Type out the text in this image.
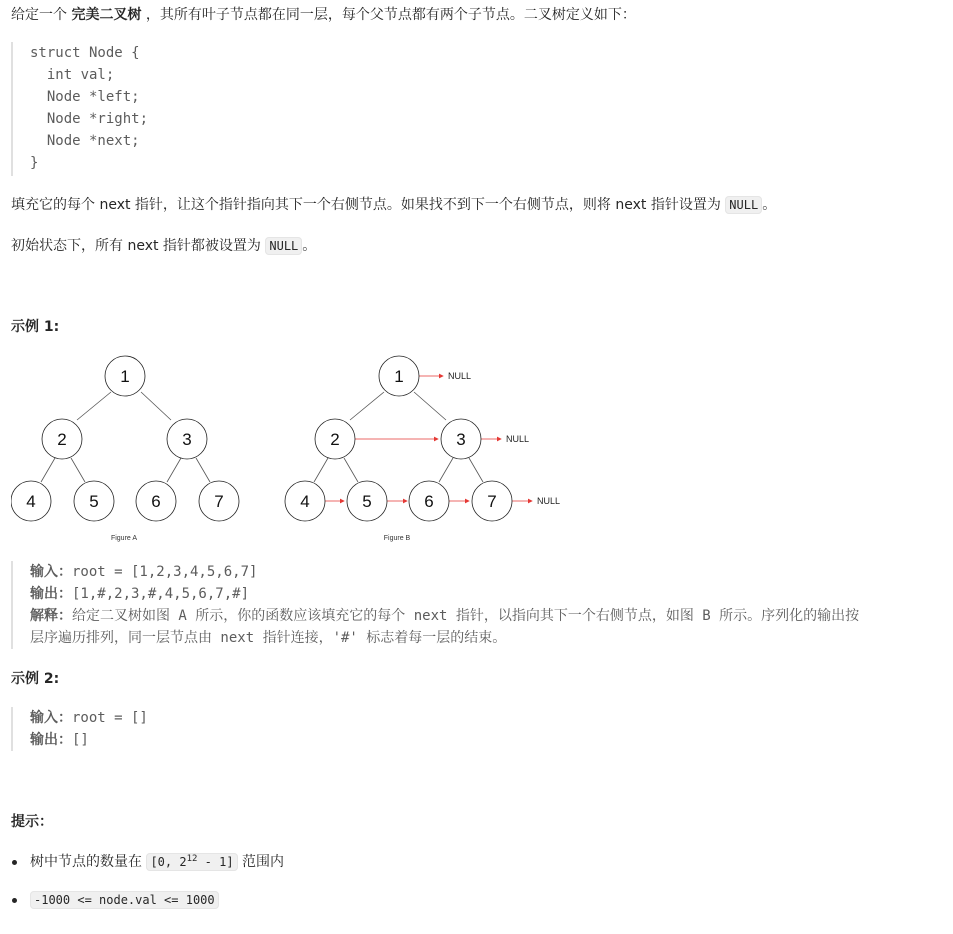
给定一个 完美二叉树 ，其所有叶子节点都在同一层，每个父节点都有两个子节点。二叉树定义如下：

struct Node {
int val;
Node *left;
Node *right;
Node *next;
}

填充它的每个 next 指针，让这个指针指向其下一个右侧节点。如果找不到下一个右侧节点，则将 next 指针设置为 NULL 。

初始状态下，所有 next 指针都被设置为 NULL 。

示例 1:

1
2	3
4	5	6	7
Figure A
1
2	3
4	5	6	7
NULL
NULL
NULL
Figure B
输入：root = [1,2,3,4,5,6,7]
输出：[1,#,2,3,#,4,5,6,7,#]
解释：给定二叉树如图 A 所示，你的函数应该填充它的每个 next 指针，以指向其下一个右侧节点，如图 B 所示。序列化的输出按
层序遍历排列，同一层节点由 next 指针连接，'#' 标志着每一层的结束。

示例 2:

输入：root = []
输出：[]

提示：

树中节点的数量在 [0, $2^{12} - 1$] 范围内
-1000 <= node.val <= 1000
